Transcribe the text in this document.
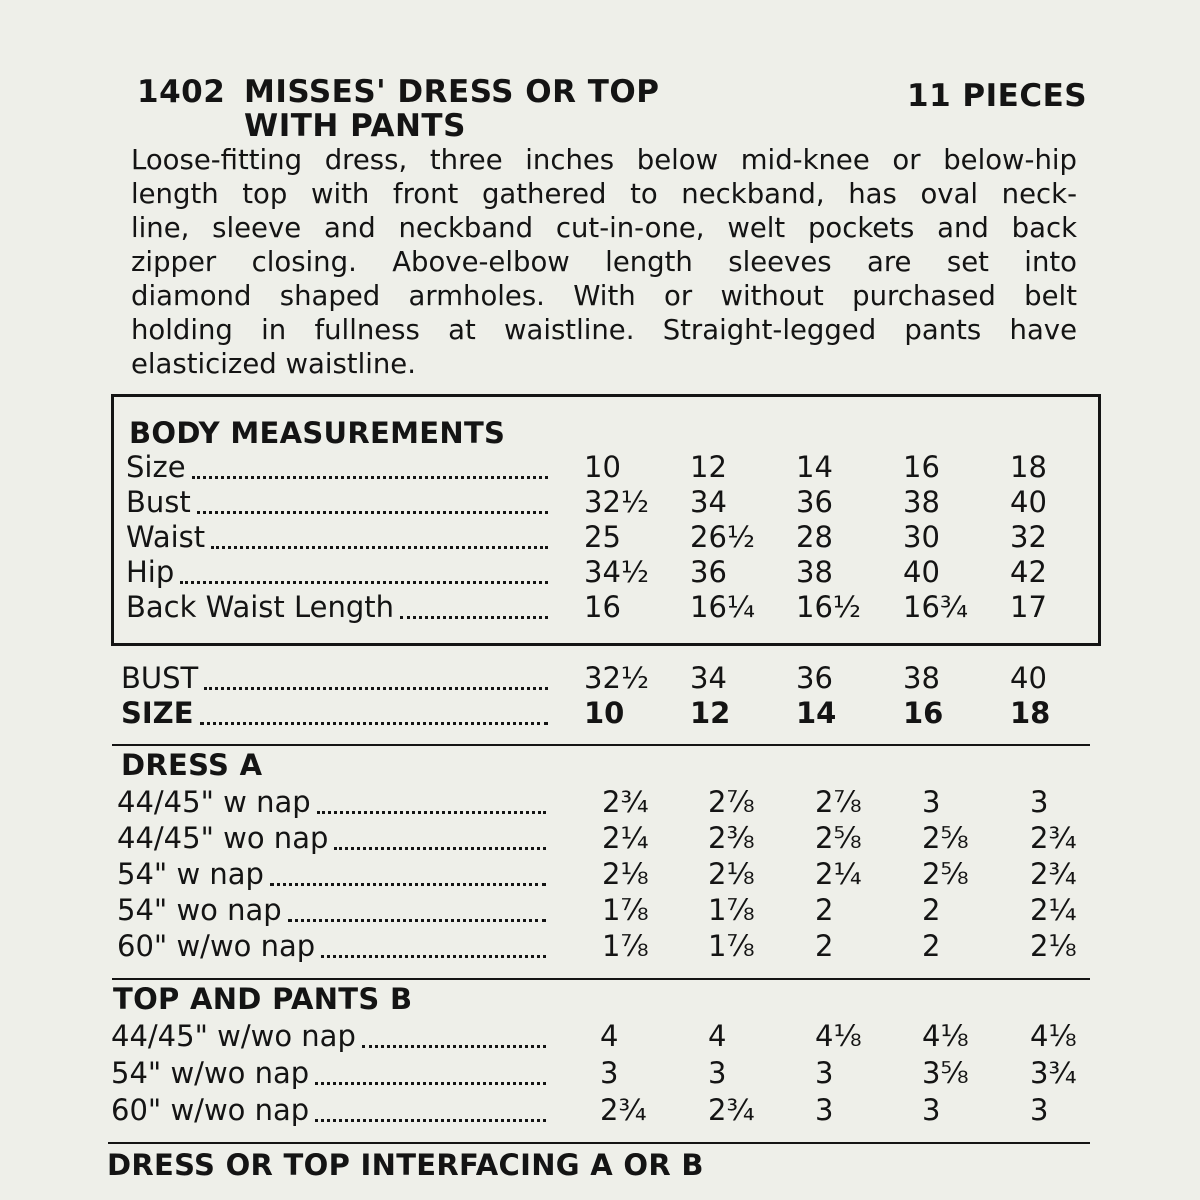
1402 MISSES' DRESS OR TOP
WITH PANTS
11 PIECES

Loose-fitting dress, three inches below mid-knee or below-hip

length top with front gathered to neckband, has oval neck-

line, sleeve and neckband cut-in-one, welt pockets and back

zipper closing. Above-elbow length sleeves are set into

diamond shaped armholes. With or without purchased belt

holding in fullness at waistline. Straight-legged pants have

elasticized waistline.

BODY MEASUREMENTS
Size	10 12 14 16 18
Bust	32½ 34 36 38 40
Waist	25 26½ 28 30 32
Hip	34½ 36 38 40 42
Back Waist Length	16 16¼ 16½ 16¾ 17
BUST	32½ 34 36 38 40
SIZE	10 12 14 16 18
DRESS A
44/45" w nap	2¾ 2⅞ 2⅞ 3	3
44/45" wo nap	2¼ 2⅜ 2⅝ 2⅝ 2¾
54" w nap	2⅛ 2⅛ 2¼ 2⅝ 2¾
54" wo nap	1⅞ 1⅞ 2	2	2¼
60" w/wo nap	1⅞ 1⅞ 2	2	2⅛
TOP AND PANTS B
44/45" w/wo nap	4	4	4⅛ 4⅛ 4⅛
54" w/wo nap	3	3	3	3⅝ 3¾
60" w/wo nap	2¾ 2¾ 3	3	3
DRESS OR TOP INTERFACING A OR B
